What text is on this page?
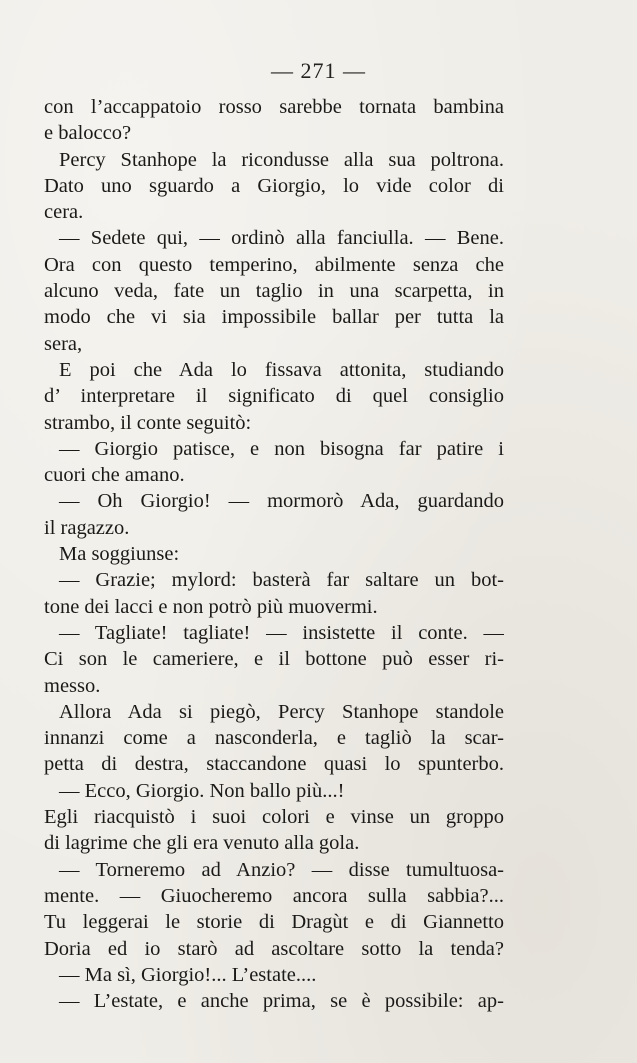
— 271 —
con l’accappatoio rosso sarebbe tornata bambina
e balocco?
Percy Stanhope la ricondusse alla sua poltrona.
Dato uno sguardo a Giorgio, lo vide color di
cera.
— Sedete qui, — ordinò alla fanciulla. — Bene.
Ora con questo temperino, abilmente senza che
alcuno veda, fate un taglio in una scarpetta, in
modo che vi sia impossibile ballar per tutta la
sera,
E poi che Ada lo fissava attonita, studiando
d’ interpretare il significato di quel consiglio
strambo, il conte seguitò:
— Giorgio patisce, e non bisogna far patire i
cuori che amano.
— Oh Giorgio! — mormorò Ada, guardando
il ragazzo.
Ma soggiunse:
— Grazie; mylord: basterà far saltare un bot-
tone dei lacci e non potrò più muovermi.
— Tagliate! tagliate! — insistette il conte. —
Ci son le cameriere, e il bottone può esser ri-
messo.
Allora Ada si piegò, Percy Stanhope standole
innanzi come a nasconderla, e tagliò la scar-
petta di destra, staccandone quasi lo spunterbo.
— Ecco, Giorgio. Non ballo più...!
Egli riacquistò i suoi colori e vinse un groppo
di lagrime che gli era venuto alla gola.
— Torneremo ad Anzio? — disse tumultuosa-
mente. — Giuocheremo ancora sulla sabbia?...
Tu leggerai le storie di Dragùt e di Giannetto
Doria ed io starò ad ascoltare sotto la tenda?
— Ma sì, Giorgio!... L’estate....
— L’estate, e anche prima, se è possibile: ap-
